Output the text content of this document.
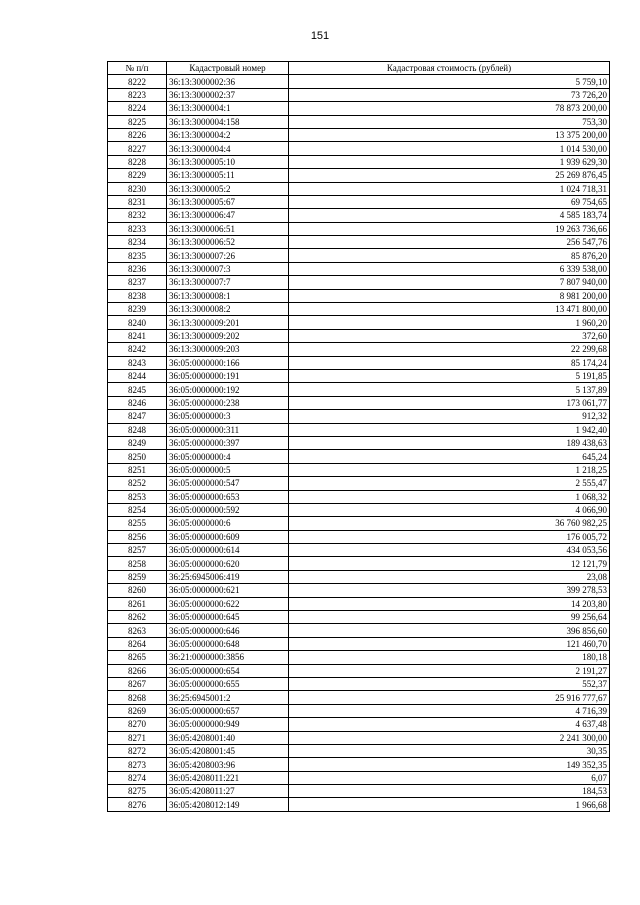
151
№ п/п	Кадастровый номер	Кадастровая стоимость (рублей)
8222	36:13:3000002:36	5 759,10
8223	36:13:3000002:37	73 726,20
8224	36:13:3000004:1	78 873 200,00
8225	36:13:3000004:158	753,30
8226	36:13:3000004:2	13 375 200,00
8227	36:13:3000004:4	1 014 530,00
8228	36:13:3000005:10	1 939 629,30
8229	36:13:3000005:11	25 269 876,45
8230	36:13:3000005:2	1 024 718,31
8231	36:13:3000005:67	69 754,65
8232	36:13:3000006:47	4 585 183,74
8233	36:13:3000006:51	19 263 736,66
8234	36:13:3000006:52	256 547,76
8235	36:13:3000007:26	85 876,20
8236	36:13:3000007:3	6 339 538,00
8237	36:13:3000007:7	7 807 940,00
8238	36:13:3000008:1	8 981 200,00
8239	36:13:3000008:2	13 471 800,00
8240	36:13:3000009:201	1 960,20
8241	36:13:3000009:202	372,60
8242	36:13:3000009:203	22 299,68
8243	36:05:0000000:166	85 174,24
8244	36:05:0000000:191	5 191,85
8245	36:05:0000000:192	5 137,89
8246	36:05:0000000:238	173 061,77
8247	36:05:0000000:3	912,32
8248	36:05:0000000:311	1 942,40
8249	36:05:0000000:397	189 438,63
8250	36:05:0000000:4	645,24
8251	36:05:0000000:5	1 218,25
8252	36:05:0000000:547	2 555,47
8253	36:05:0000000:653	1 068,32
8254	36:05:0000000:592	4 066,90
8255	36:05:0000000:6	36 760 982,25
8256	36:05:0000000:609	176 005,72
8257	36:05:0000000:614	434 053,56
8258	36:05:0000000:620	12 121,79
8259	36:25:6945006:419	23,08
8260	36:05:0000000:621	399 278,53
8261	36:05:0000000:622	14 203,80
8262	36:05:0000000:645	99 256,64
8263	36:05:0000000:646	396 856,60
8264	36:05:0000000:648	121 460,70
8265	36:21:0000000:3856	180,18
8266	36:05:0000000:654	2 191,27
8267	36:05:0000000:655	552,37
8268	36:25:6945001:2	25 916 777,67
8269	36:05:0000000:657	4 716,39
8270	36:05:0000000:949	4 637,48
8271	36:05:4208001:40	2 241 300,00
8272	36:05:4208001:45	30,35
8273	36:05:4208003:96	149 352,35
8274	36:05:4208011:221	6,07
8275	36:05:4208011:27	184,53
8276	36:05:4208012:149	1 966,68
